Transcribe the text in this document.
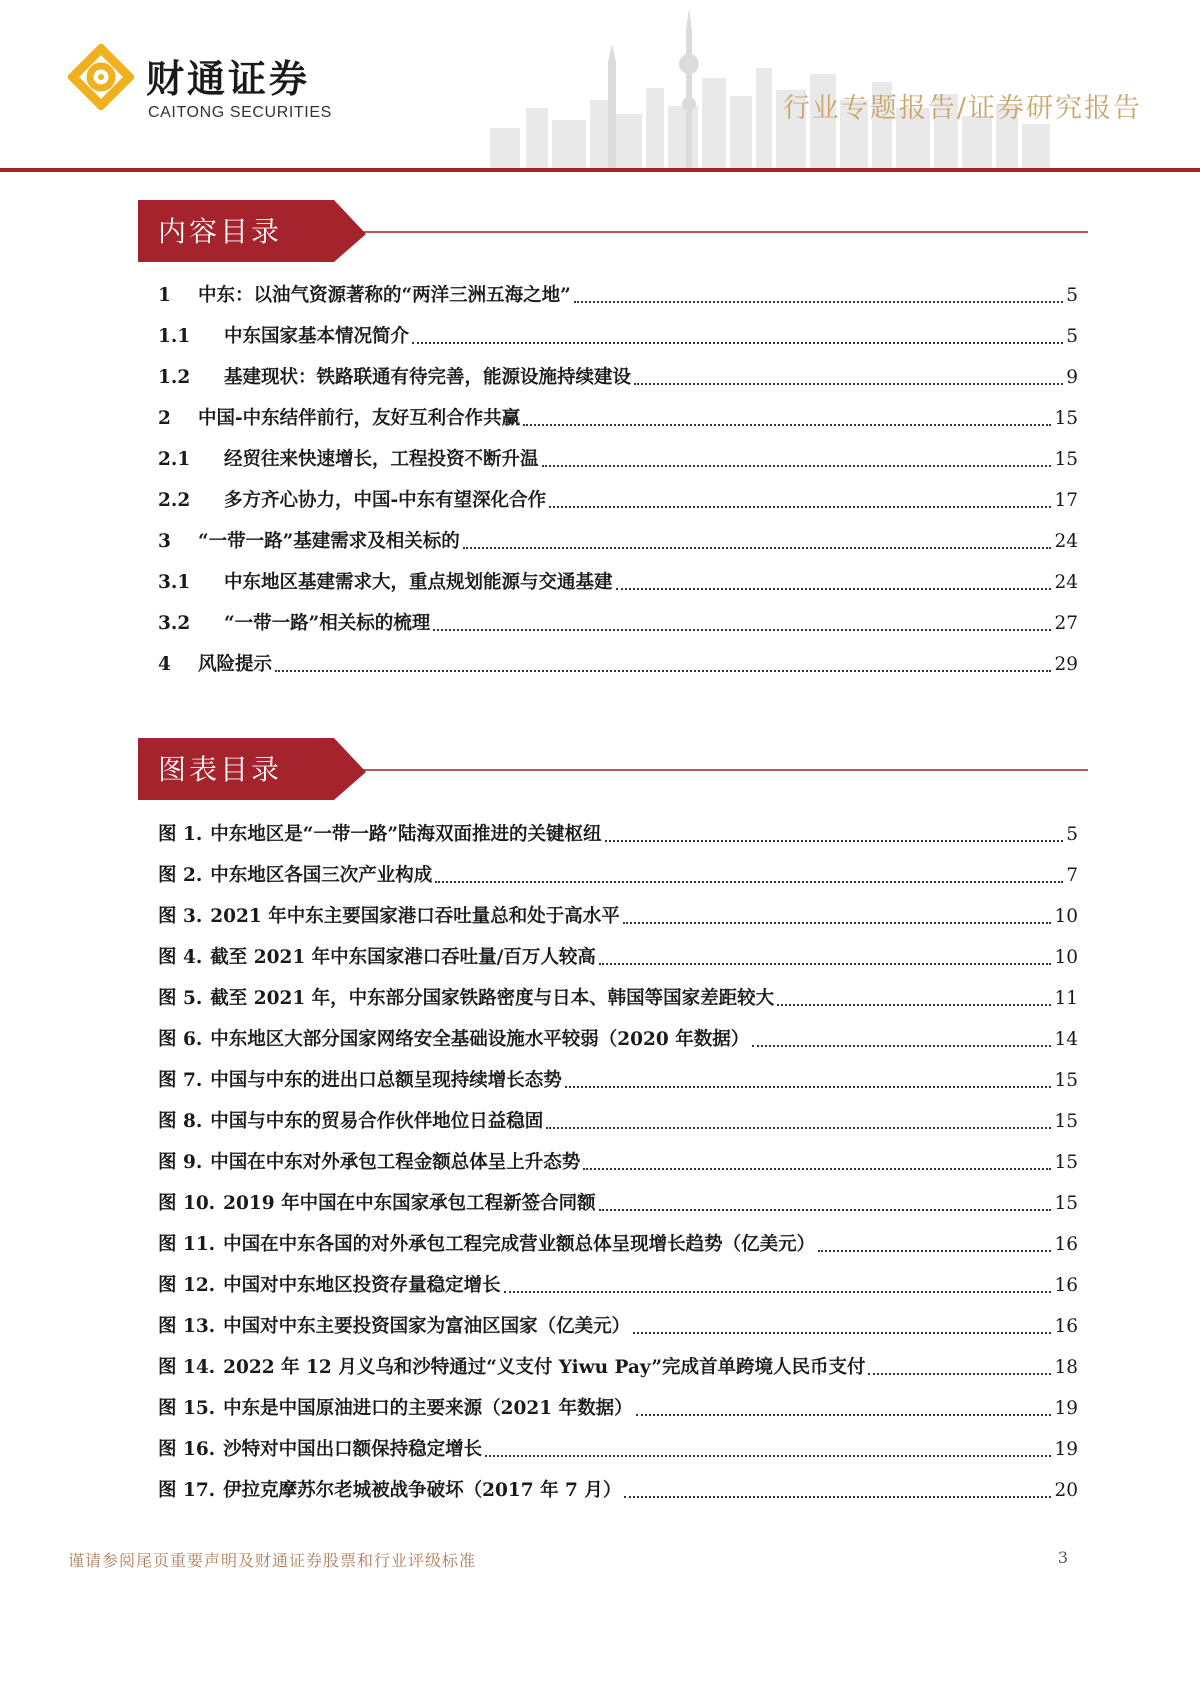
财通证券
CAITONG SECURITIES	行业专题报告/证券研究报告
内容目录
1	中东：以油气资源著称的“两洋三洲五海之地”	5
1.1	中东国家基本情况简介	5
1.2	基建现状：铁路联通有待完善，能源设施持续建设	9
2	中国-中东结伴前行，友好互利合作共赢	15
2.1	经贸往来快速增长，工程投资不断升温	15
2.2	多方齐心协力，中国-中东有望深化合作	17
3	“一带一路”基建需求及相关标的	24
3.1	中东地区基建需求大，重点规划能源与交通基建	24
3.2	“一带一路”相关标的梳理	27
4	风险提示	29
图表目录
图 1. 中东地区是“一带一路”陆海双面推进的关键枢纽	5
图 2. 中东地区各国三次产业构成	7
图 3. 2021 年中东主要国家港口吞吐量总和处于高水平	10
图 4. 截至 2021 年中东国家港口吞吐量/百万人较高	10
图 5. 截至 2021 年，中东部分国家铁路密度与日本、韩国等国家差距较大	11
图 6. 中东地区大部分国家网络安全基础设施水平较弱（2020 年数据）	14
图 7. 中国与中东的进出口总额呈现持续增长态势	15
图 8. 中国与中东的贸易合作伙伴地位日益稳固	15
图 9. 中国在中东对外承包工程金额总体呈上升态势	15
图 10. 2019 年中国在中东国家承包工程新签合同额	15
图 11. 中国在中东各国的对外承包工程完成营业额总体呈现增长趋势（亿美元）	16
图 12. 中国对中东地区投资存量稳定增长	16
图 13. 中国对中东主要投资国家为富油区国家（亿美元）	16
图 14. 2022 年 12 月义乌和沙特通过“义支付 Yiwu Pay”完成首单跨境人民币支付	18
图 15. 中东是中国原油进口的主要来源（2021 年数据）	19
图 16. 沙特对中国出口额保持稳定增长	19
图 17. 伊拉克摩苏尔老城被战争破坏（2017 年 7 月）	20
谨请参阅尾页重要声明及财通证券股票和行业评级标准	3
